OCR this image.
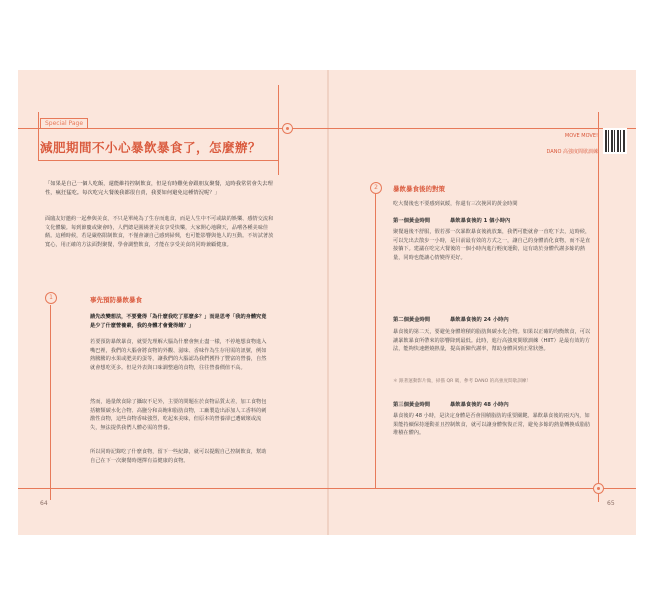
Special Page
減肥期間不小心暴飲暴食了，怎麼辦？
「如果是自己一個人吃飯，還能維持控制飲食，但是有時難免會跟朋友聚餐，這時我常常會失去理性，瘋狂猛吃。每次吃完大餐後我都很自責，我要如何避免這種情況呢？」
面臨友好邀約一起參與美食，不只是單純為了生存而進食，而是人生中不可或缺的娛樂、感情交流和文化體驗。每到節慶或聚會時，人們總是圍繞著美食享受快樂，大家開心地聊天，品嚐各種美味佳餚。這種時候，若是嚴格限制飲食，不僅會讓自己感到掃興，也可能影響與他人的互動。不妨試著放寬心，用正確的方法面對聚餐，學會調整飲食，才能在享受美食的同時兼顧健康。
1	事先預防暴飲暴食
請先改變想法，不要覺得「為什麼我吃了那麼多？」而是思考「我的身體究竟是少了什麼營養素，我的身體才會覺得餓？」
若要預防暴飲暴食，就要先理解大腦為什麼會無止盡一樣，不停地想食物進入嘴巴裡，我們的大腦會將食物的外觀、滋味、香味作為生存用需的訊號，例如熱騰騰的水果或肥美的蛋等，讓我們的大腦認為我們獲得了豐富的營養，自然就會想吃更多。但是外表與口味調整過的食物，往往營養價值不高。
然而，過量飲食除了攝取不足外，主要的問題在於食物品質太差，加工食物包括糖類碳水化合物、高鹽分和高飽和脂肪食物，工廠製造出添加人工香料的刺激性食物，這些食物香味強烈，吃起來美味，但原本的營養卻已遭破壞或流失，無法提供我們人體必需的營養。
所以同時記錄吃了什麼食物，留下一些紀錄，就可以提醒自己控制飲食，幫助自己在下一次聚餐時選擇有益健康的食物。
64
MOVE MOVE!
DANO 高強度間歇訓練
2	暴飲暴食後的對策
吃大餐後也不要感到氣餒，你還有三次挽回的黃金時間
第一個黃金時間	暴飲暴食後的 1 個小時內
聚餐過後不舒服，假若那一次暴飲暴食後就放棄，我們可能就會一直吃下去，這時候，可以先出去散步一小時，是目前最有效的方式之一，讓自己的身體消化食物，而不是直接躺下。建議在吃完大餐後的一個小時內進行輕度運動，這有助於身體代謝多餘的熱量，同時也能讓心情變得更好。
第二個黃金時間	暴飲暴食後的 24 小時內
暴食後的第二天，要避免身體堆積的脂肪與碳水化合物。如果以正確的均衡飲食，可以讓暴飲暴食所帶來的影響降到最低。此時，進行高強度間歇訓練（HIIT）是最有效的方法，能夠快速燃燒熱量，提高新陳代謝率，幫助身體回到正常狀態。
＊ 跟著運動影片做，掃描 QR 碼，參考 DANO 的高強度間歇訓練！
第三個黃金時間	暴飲暴食後的 48 小時內
暴食後的 48 小時，是決定身體是否會囤積脂肪的重要關鍵。暴飲暴食後的兩天內，如果能持續保持運動並且控制飲食，就可以讓身體恢復正常，避免多餘的熱量轉換成脂肪堆積在體內。
65
